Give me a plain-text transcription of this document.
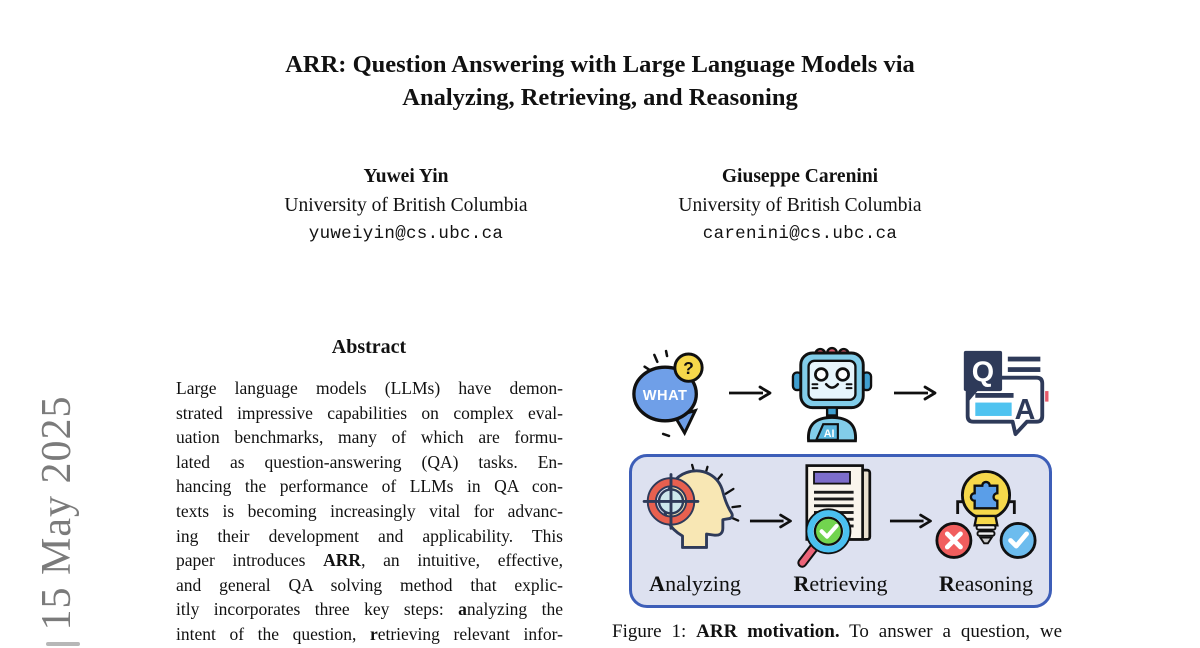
15 May 2025
ARR: Question Answering with Large Language Models via
Analyzing, Retrieving, and Reasoning
Yuwei Yin
University of British Columbia
yuweiyin@cs.ubc.ca
Giuseppe Carenini
University of British Columbia
carenini@cs.ubc.ca
Abstract
Large language models (LLMs) have demon-
strated impressive capabilities on complex eval-
uation benchmarks, many of which are formu-
lated as question-answering (QA) tasks. En-
hancing the performance of LLMs in QA con-
texts is becoming increasingly vital for advanc-
ing their development and applicability. This
paper introduces ARR, an intuitive, effective,
and general QA solving method that explic-
itly incorporates three key steps: analyzing the
intent of the question, retrieving relevant infor-
WHAT
?
AI
A
Q
Analyzing Retrieving Reasoning
Figure 1: ARR motivation. To answer a question, we
